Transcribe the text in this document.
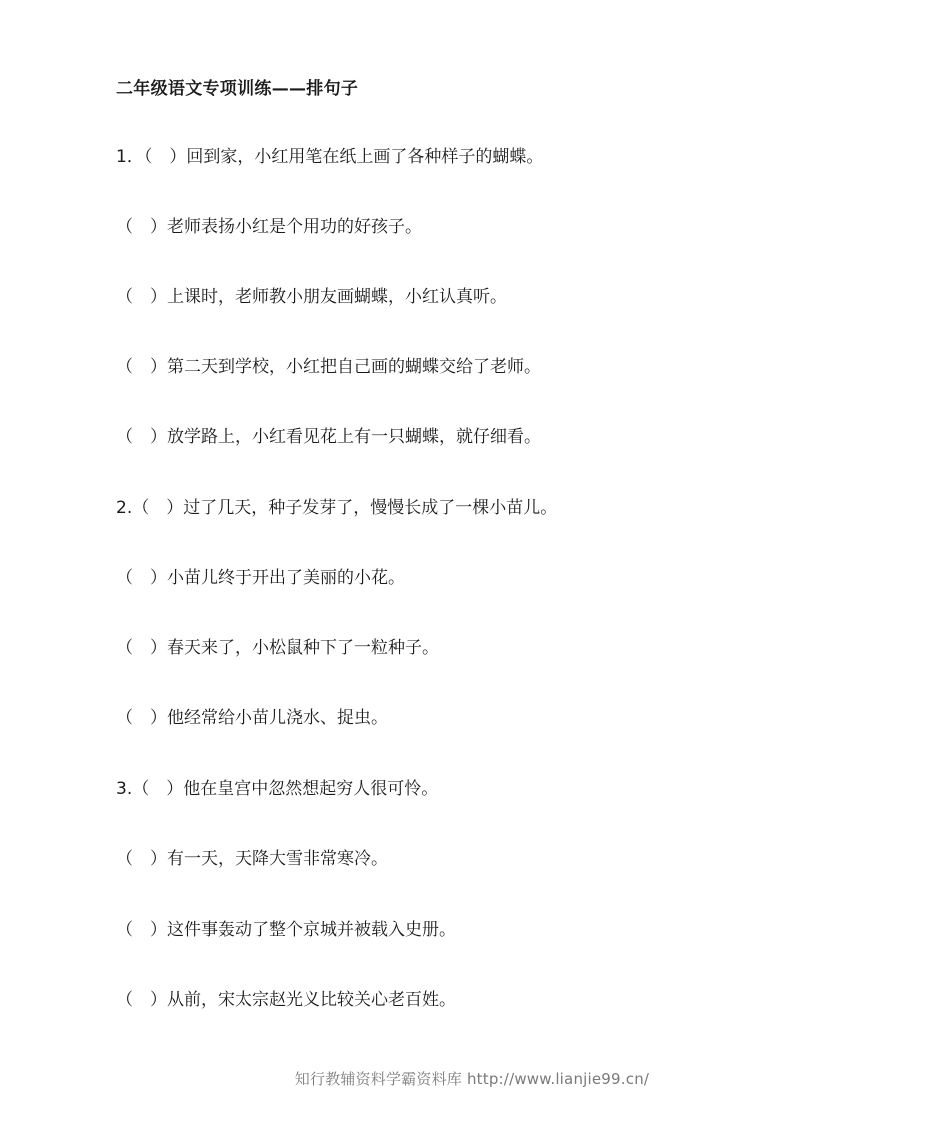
二年级语文专项训练——排句子
1．（　）回到家，小红用笔在纸上画了各种样子的蝴蝶。
（　）老师表扬小红是个用功的好孩子。
（　）上课时，老师教小朋友画蝴蝶，小红认真听。
（　）第二天到学校，小红把自己画的蝴蝶交给了老师。
（　）放学路上，小红看见花上有一只蝴蝶，就仔细看。
2.（　）过了几天，种子发芽了，慢慢长成了一棵小苗儿。
（　）小苗儿终于开出了美丽的小花。
（　）春天来了，小松鼠种下了一粒种子。
（　）他经常给小苗儿浇水、捉虫。
3.（　）他在皇宫中忽然想起穷人很可怜。
（　）有一天，天降大雪非常寒冷。
（　）这件事轰动了整个京城并被载入史册。
（　）从前，宋太宗赵光义比较关心老百姓。
知行教辅资料学霸资料库 http://www.lianjie99.cn/
